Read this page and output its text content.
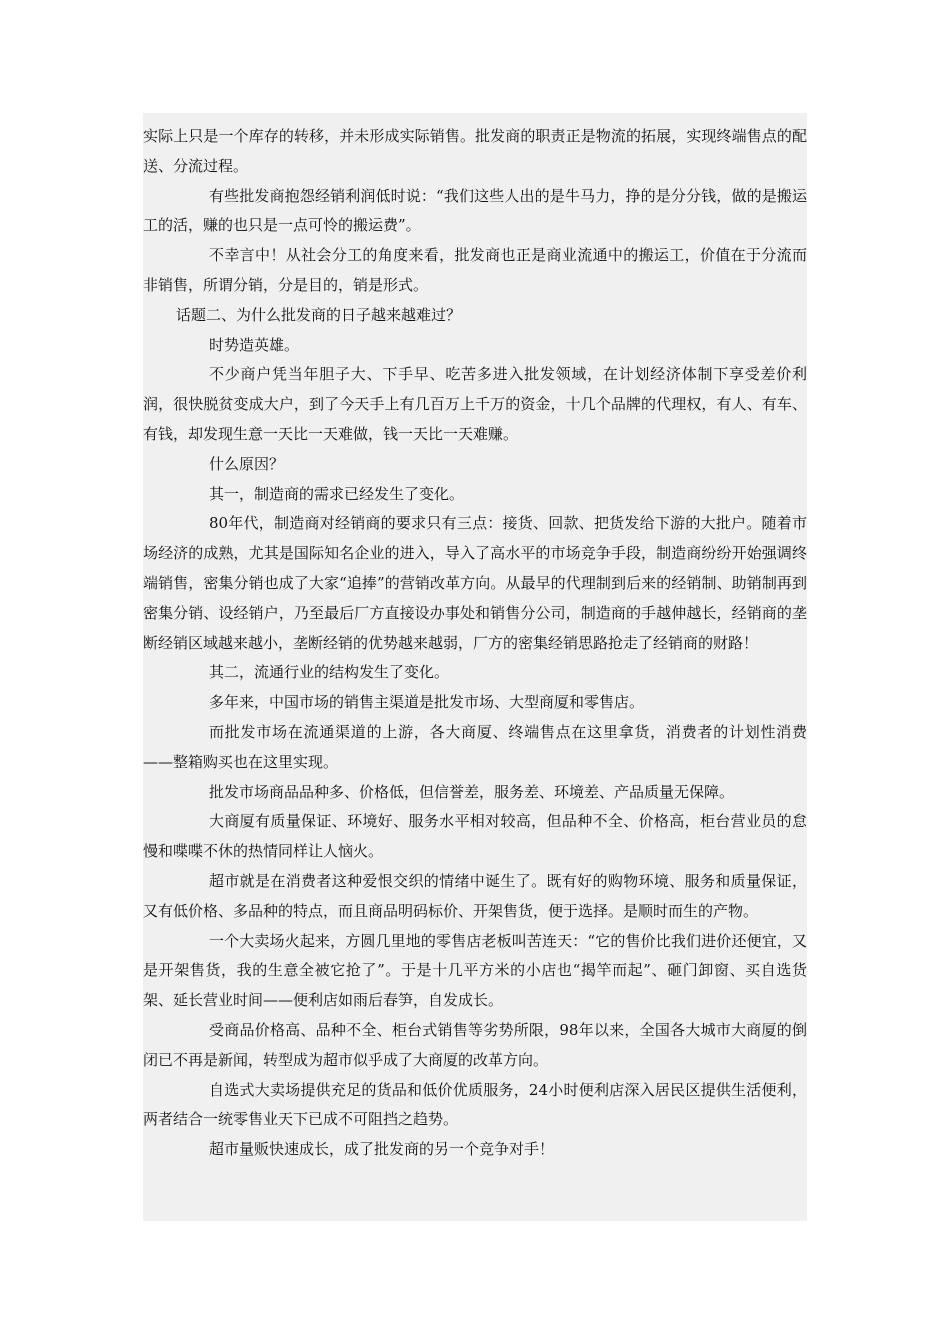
实际上只是一个库存的转移，并未形成实际销售。批发商的职责正是物流的拓展，实现终端售点的配送、分流过程。

有些批发商抱怨经销利润低时说：“我们这些人出的是牛马力，挣的是分分钱，做的是搬运工的活，赚的也只是一点可怜的搬运费”。

不幸言中！从社会分工的角度来看，批发商也正是商业流通中的搬运工，价值在于分流而非销售，所谓分销，分是目的，销是形式。

话题二、为什么批发商的日子越来越难过？

时势造英雄。

不少商户凭当年胆子大、下手早、吃苦多进入批发领域，在计划经济体制下享受差价利润，很快脱贫变成大户，到了今天手上有几百万上千万的资金，十几个品牌的代理权，有人、有车、有钱，却发现生意一天比一天难做，钱一天比一天难赚。

什么原因？

其一，制造商的需求已经发生了变化。

80年代，制造商对经销商的要求只有三点：接货、回款、把货发给下游的大批户。随着市场经济的成熟，尤其是国际知名企业的进入，导入了高水平的市场竞争手段，制造商纷纷开始强调终端销售，密集分销也成了大家“追捧”的营销改革方向。从最早的代理制到后来的经销制、助销制再到密集分销、设经销户，乃至最后厂方直接设办事处和销售分公司，制造商的手越伸越长，经销商的垄断经销区域越来越小，垄断经销的优势越来越弱，厂方的密集经销思路抢走了经销商的财路！

其二，流通行业的结构发生了变化。

多年来，中国市场的销售主渠道是批发市场、大型商厦和零售店。

而批发市场在流通渠道的上游，各大商厦、终端售点在这里拿货，消费者的计划性消费——整箱购买也在这里实现。

批发市场商品品种多、价格低，但信誉差，服务差、环境差、产品质量无保障。

大商厦有质量保证、环境好、服务水平相对较高，但品种不全、价格高，柜台营业员的怠慢和喋喋不休的热情同样让人恼火。

超市就是在消费者这种爱恨交织的情绪中诞生了。既有好的购物环境、服务和质量保证，又有低价格、多品种的特点，而且商品明码标价、开架售货，便于选择。是顺时而生的产物。

一个大卖场火起来，方圆几里地的零售店老板叫苦连天：“它的售价比我们进价还便宜，又是开架售货，我的生意全被它抢了”。于是十几平方米的小店也“揭竿而起”、砸门卸窗、买自选货架、延长营业时间——便利店如雨后春笋，自发成长。

受商品价格高、品种不全、柜台式销售等劣势所限，98年以来，全国各大城市大商厦的倒闭已不再是新闻，转型成为超市似乎成了大商厦的改革方向。

自选式大卖场提供充足的货品和低价优质服务，24小时便利店深入居民区提供生活便利，两者结合一统零售业天下已成不可阻挡之趋势。

超市量贩快速成长，成了批发商的另一个竞争对手！
